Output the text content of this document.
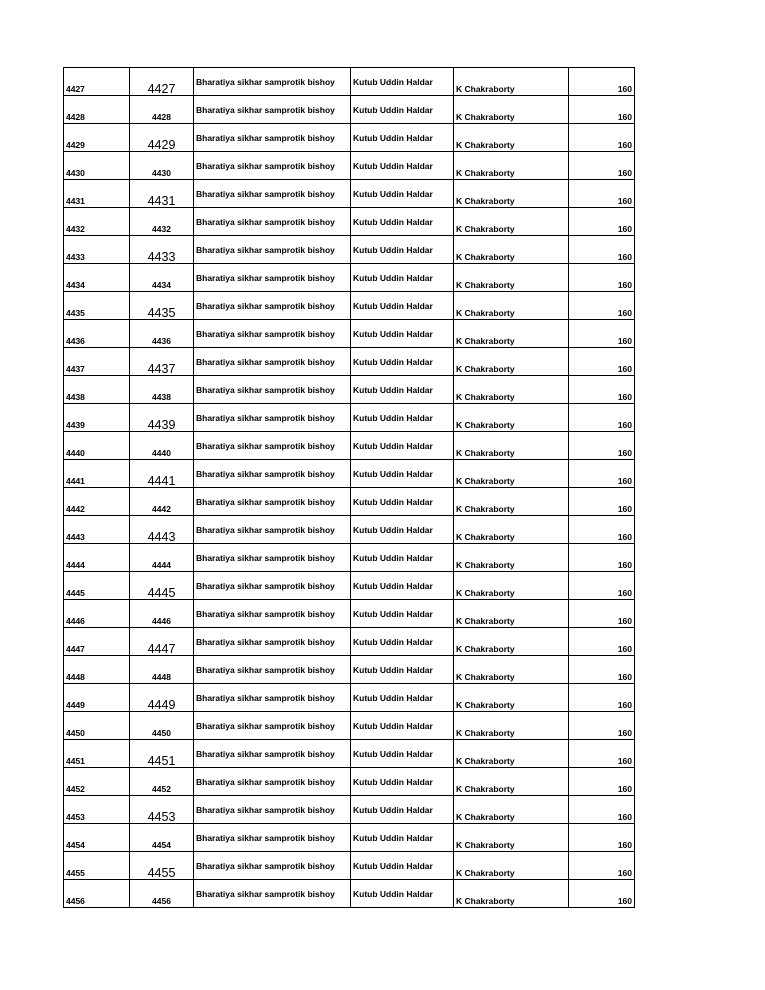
4427	4427	Bharatiya sikhar samprotik bishoy	Kutub Uddin Haldar	K Chakraborty	160
4428	4428	Bharatiya sikhar samprotik bishoy	Kutub Uddin Haldar	K Chakraborty	160
4429	4429	Bharatiya sikhar samprotik bishoy	Kutub Uddin Haldar	K Chakraborty	160
4430	4430	Bharatiya sikhar samprotik bishoy	Kutub Uddin Haldar	K Chakraborty	160
4431	4431	Bharatiya sikhar samprotik bishoy	Kutub Uddin Haldar	K Chakraborty	160
4432	4432	Bharatiya sikhar samprotik bishoy	Kutub Uddin Haldar	K Chakraborty	160
4433	4433	Bharatiya sikhar samprotik bishoy	Kutub Uddin Haldar	K Chakraborty	160
4434	4434	Bharatiya sikhar samprotik bishoy	Kutub Uddin Haldar	K Chakraborty	160
4435	4435	Bharatiya sikhar samprotik bishoy	Kutub Uddin Haldar	K Chakraborty	160
4436	4436	Bharatiya sikhar samprotik bishoy	Kutub Uddin Haldar	K Chakraborty	160
4437	4437	Bharatiya sikhar samprotik bishoy	Kutub Uddin Haldar	K Chakraborty	160
4438	4438	Bharatiya sikhar samprotik bishoy	Kutub Uddin Haldar	K Chakraborty	160
4439	4439	Bharatiya sikhar samprotik bishoy	Kutub Uddin Haldar	K Chakraborty	160
4440	4440	Bharatiya sikhar samprotik bishoy	Kutub Uddin Haldar	K Chakraborty	160
4441	4441	Bharatiya sikhar samprotik bishoy	Kutub Uddin Haldar	K Chakraborty	160
4442	4442	Bharatiya sikhar samprotik bishoy	Kutub Uddin Haldar	K Chakraborty	160
4443	4443	Bharatiya sikhar samprotik bishoy	Kutub Uddin Haldar	K Chakraborty	160
4444	4444	Bharatiya sikhar samprotik bishoy	Kutub Uddin Haldar	K Chakraborty	160
4445	4445	Bharatiya sikhar samprotik bishoy	Kutub Uddin Haldar	K Chakraborty	160
4446	4446	Bharatiya sikhar samprotik bishoy	Kutub Uddin Haldar	K Chakraborty	160
4447	4447	Bharatiya sikhar samprotik bishoy	Kutub Uddin Haldar	K Chakraborty	160
4448	4448	Bharatiya sikhar samprotik bishoy	Kutub Uddin Haldar	K Chakraborty	160
4449	4449	Bharatiya sikhar samprotik bishoy	Kutub Uddin Haldar	K Chakraborty	160
4450	4450	Bharatiya sikhar samprotik bishoy	Kutub Uddin Haldar	K Chakraborty	160
4451	4451	Bharatiya sikhar samprotik bishoy	Kutub Uddin Haldar	K Chakraborty	160
4452	4452	Bharatiya sikhar samprotik bishoy	Kutub Uddin Haldar	K Chakraborty	160
4453	4453	Bharatiya sikhar samprotik bishoy	Kutub Uddin Haldar	K Chakraborty	160
4454	4454	Bharatiya sikhar samprotik bishoy	Kutub Uddin Haldar	K Chakraborty	160
4455	4455	Bharatiya sikhar samprotik bishoy	Kutub Uddin Haldar	K Chakraborty	160
4456	4456	Bharatiya sikhar samprotik bishoy	Kutub Uddin Haldar	K Chakraborty	160
